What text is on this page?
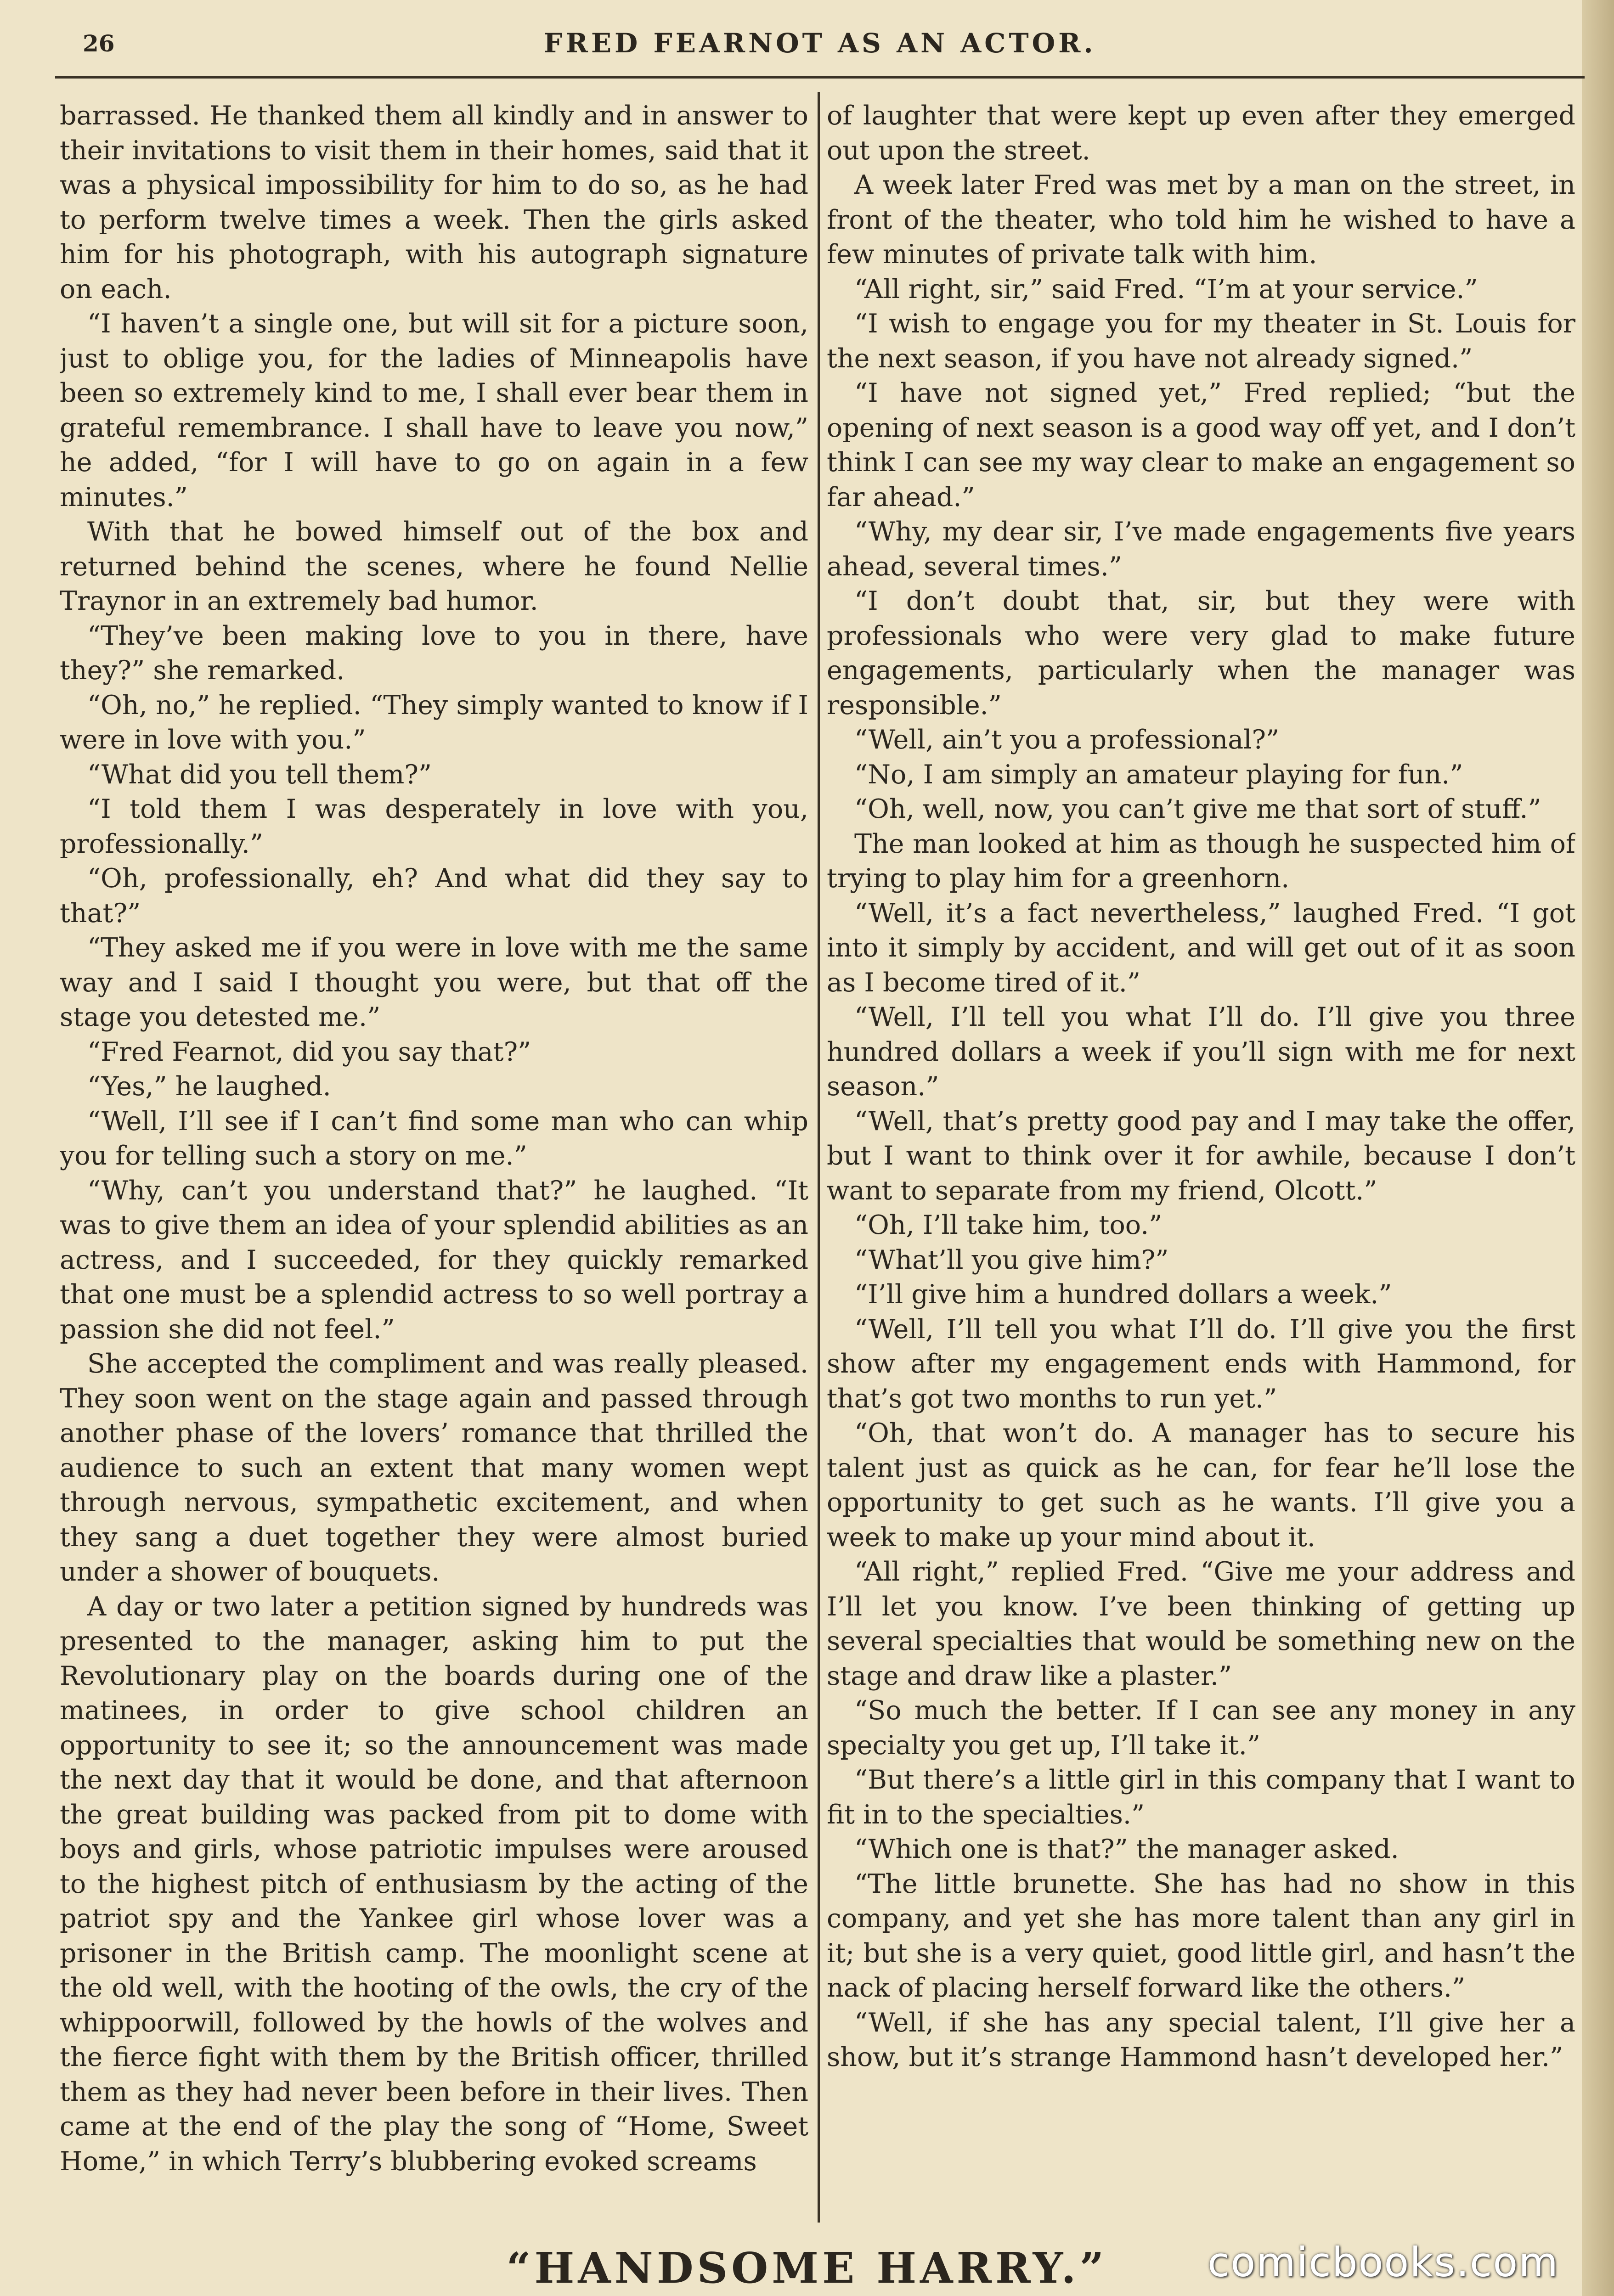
26	FRED FEARNOT AS AN ACTOR.

barrassed. He thanked them all kindly and in answer to their invitations to visit them in their homes, said that it was a physical impossibility for him to do so, as he had to perform twelve times a week. Then the girls asked him for his photograph, with his autograph signature on each.

“I haven’t a single one, but will sit for a picture soon, just to oblige you, for the ladies of Minneapolis have been so extremely kind to me, I shall ever bear them in grateful remembrance. I shall have to leave you now,” he added, “for I will have to go on again in a few minutes.”

With that he bowed himself out of the box and returned behind the scenes, where he found Nellie Traynor in an extremely bad humor.

“They’ve been making love to you in there, have they?” she remarked.

“Oh, no,” he replied. “They simply wanted to know if I were in love with you.”

“What did you tell them?”

“I told them I was desperately in love with you, professionally.”

“Oh, professionally, eh? And what did they say to that?”

“They asked me if you were in love with me the same way and I said I thought you were, but that off the stage you detested me.”

“Fred Fearnot, did you say that?”

“Yes,” he laughed.

“Well, I’ll see if I can’t find some man who can whip you for telling such a story on me.”

“Why, can’t you understand that?” he laughed. “It was to give them an idea of your splendid abilities as an actress, and I succeeded, for they quickly remarked that one must be a splendid actress to so well portray a passion she did not feel.”

She accepted the compliment and was really pleased. They soon went on the stage again and passed through another phase of the lovers’ romance that thrilled the audience to such an extent that many women wept through nervous, sympathetic excitement, and when they sang a duet together they were almost buried under a shower of bouquets.

A day or two later a petition signed by hundreds was presented to the manager, asking him to put the Revolutionary play on the boards during one of the matinees, in order to give school children an opportunity to see it; so the announcement was made the next day that it would be done, and that afternoon the great building was packed from pit to dome with boys and girls, whose patriotic impulses were aroused to the highest pitch of enthusiasm by the acting of the patriot spy and the Yankee girl whose lover was a prisoner in the British camp. The moonlight scene at the old well, with the hooting of the owls, the cry of the whippoorwill, followed by the howls of the wolves and the fierce fight with them by the British officer, thrilled them as they had never been before in their lives. Then came at the end of the play the song of “Home, Sweet Home,” in which Terry’s blubbering evoked screams

of laughter that were kept up even after they emerged out upon the street.

A week later Fred was met by a man on the street, in front of the theater, who told him he wished to have a few minutes of private talk with him.

“All right, sir,” said Fred. “I’m at your service.”

“I wish to engage you for my theater in St. Louis for the next season, if you have not already signed.”

“I have not signed yet,” Fred replied; “but the opening of next season is a good way off yet, and I don’t think I can see my way clear to make an engagement so far ahead.”

“Why, my dear sir, I’ve made engagements five years ahead, several times.”

“I don’t doubt that, sir, but they were with professionals who were very glad to make future engagements, particularly when the manager was responsible.”

“Well, ain’t you a professional?”

“No, I am simply an amateur playing for fun.”

“Oh, well, now, you can’t give me that sort of stuff.”

The man looked at him as though he suspected him of trying to play him for a greenhorn.

“Well, it’s a fact nevertheless,” laughed Fred. “I got into it simply by accident, and will get out of it as soon as I become tired of it.”

“Well, I’ll tell you what I’ll do. I’ll give you three hundred dollars a week if you’ll sign with me for next season.”

“Well, that’s pretty good pay and I may take the offer, but I want to think over it for awhile, because I don’t want to separate from my friend, Olcott.”

“Oh, I’ll take him, too.”

“What’ll you give him?”

“I’ll give him a hundred dollars a week.”

“Well, I’ll tell you what I’ll do. I’ll give you the first show after my engagement ends with Hammond, for that’s got two months to run yet.”

“Oh, that won’t do. A manager has to secure his talent just as quick as he can, for fear he’ll lose the opportunity to get such as he wants. I’ll give you a week to make up your mind about it.

“All right,” replied Fred. “Give me your address and I’ll let you know. I’ve been thinking of getting up several specialties that would be something new on the stage and draw like a plaster.”

“So much the better. If I can see any money in any specialty you get up, I’ll take it.”

“But there’s a little girl in this company that I want to fit in to the specialties.”

“Which one is that?” the manager asked.

“The little brunette. She has had no show in this company, and yet she has more talent than any girl in it; but she is a very quiet, good little girl, and hasn’t the nack of placing herself forward like the others.”

“Well, if she has any special talent, I’ll give her a show, but it’s strange Hammond hasn’t developed her.”

“HANDSOME HARRY.”	comicbooks.com
